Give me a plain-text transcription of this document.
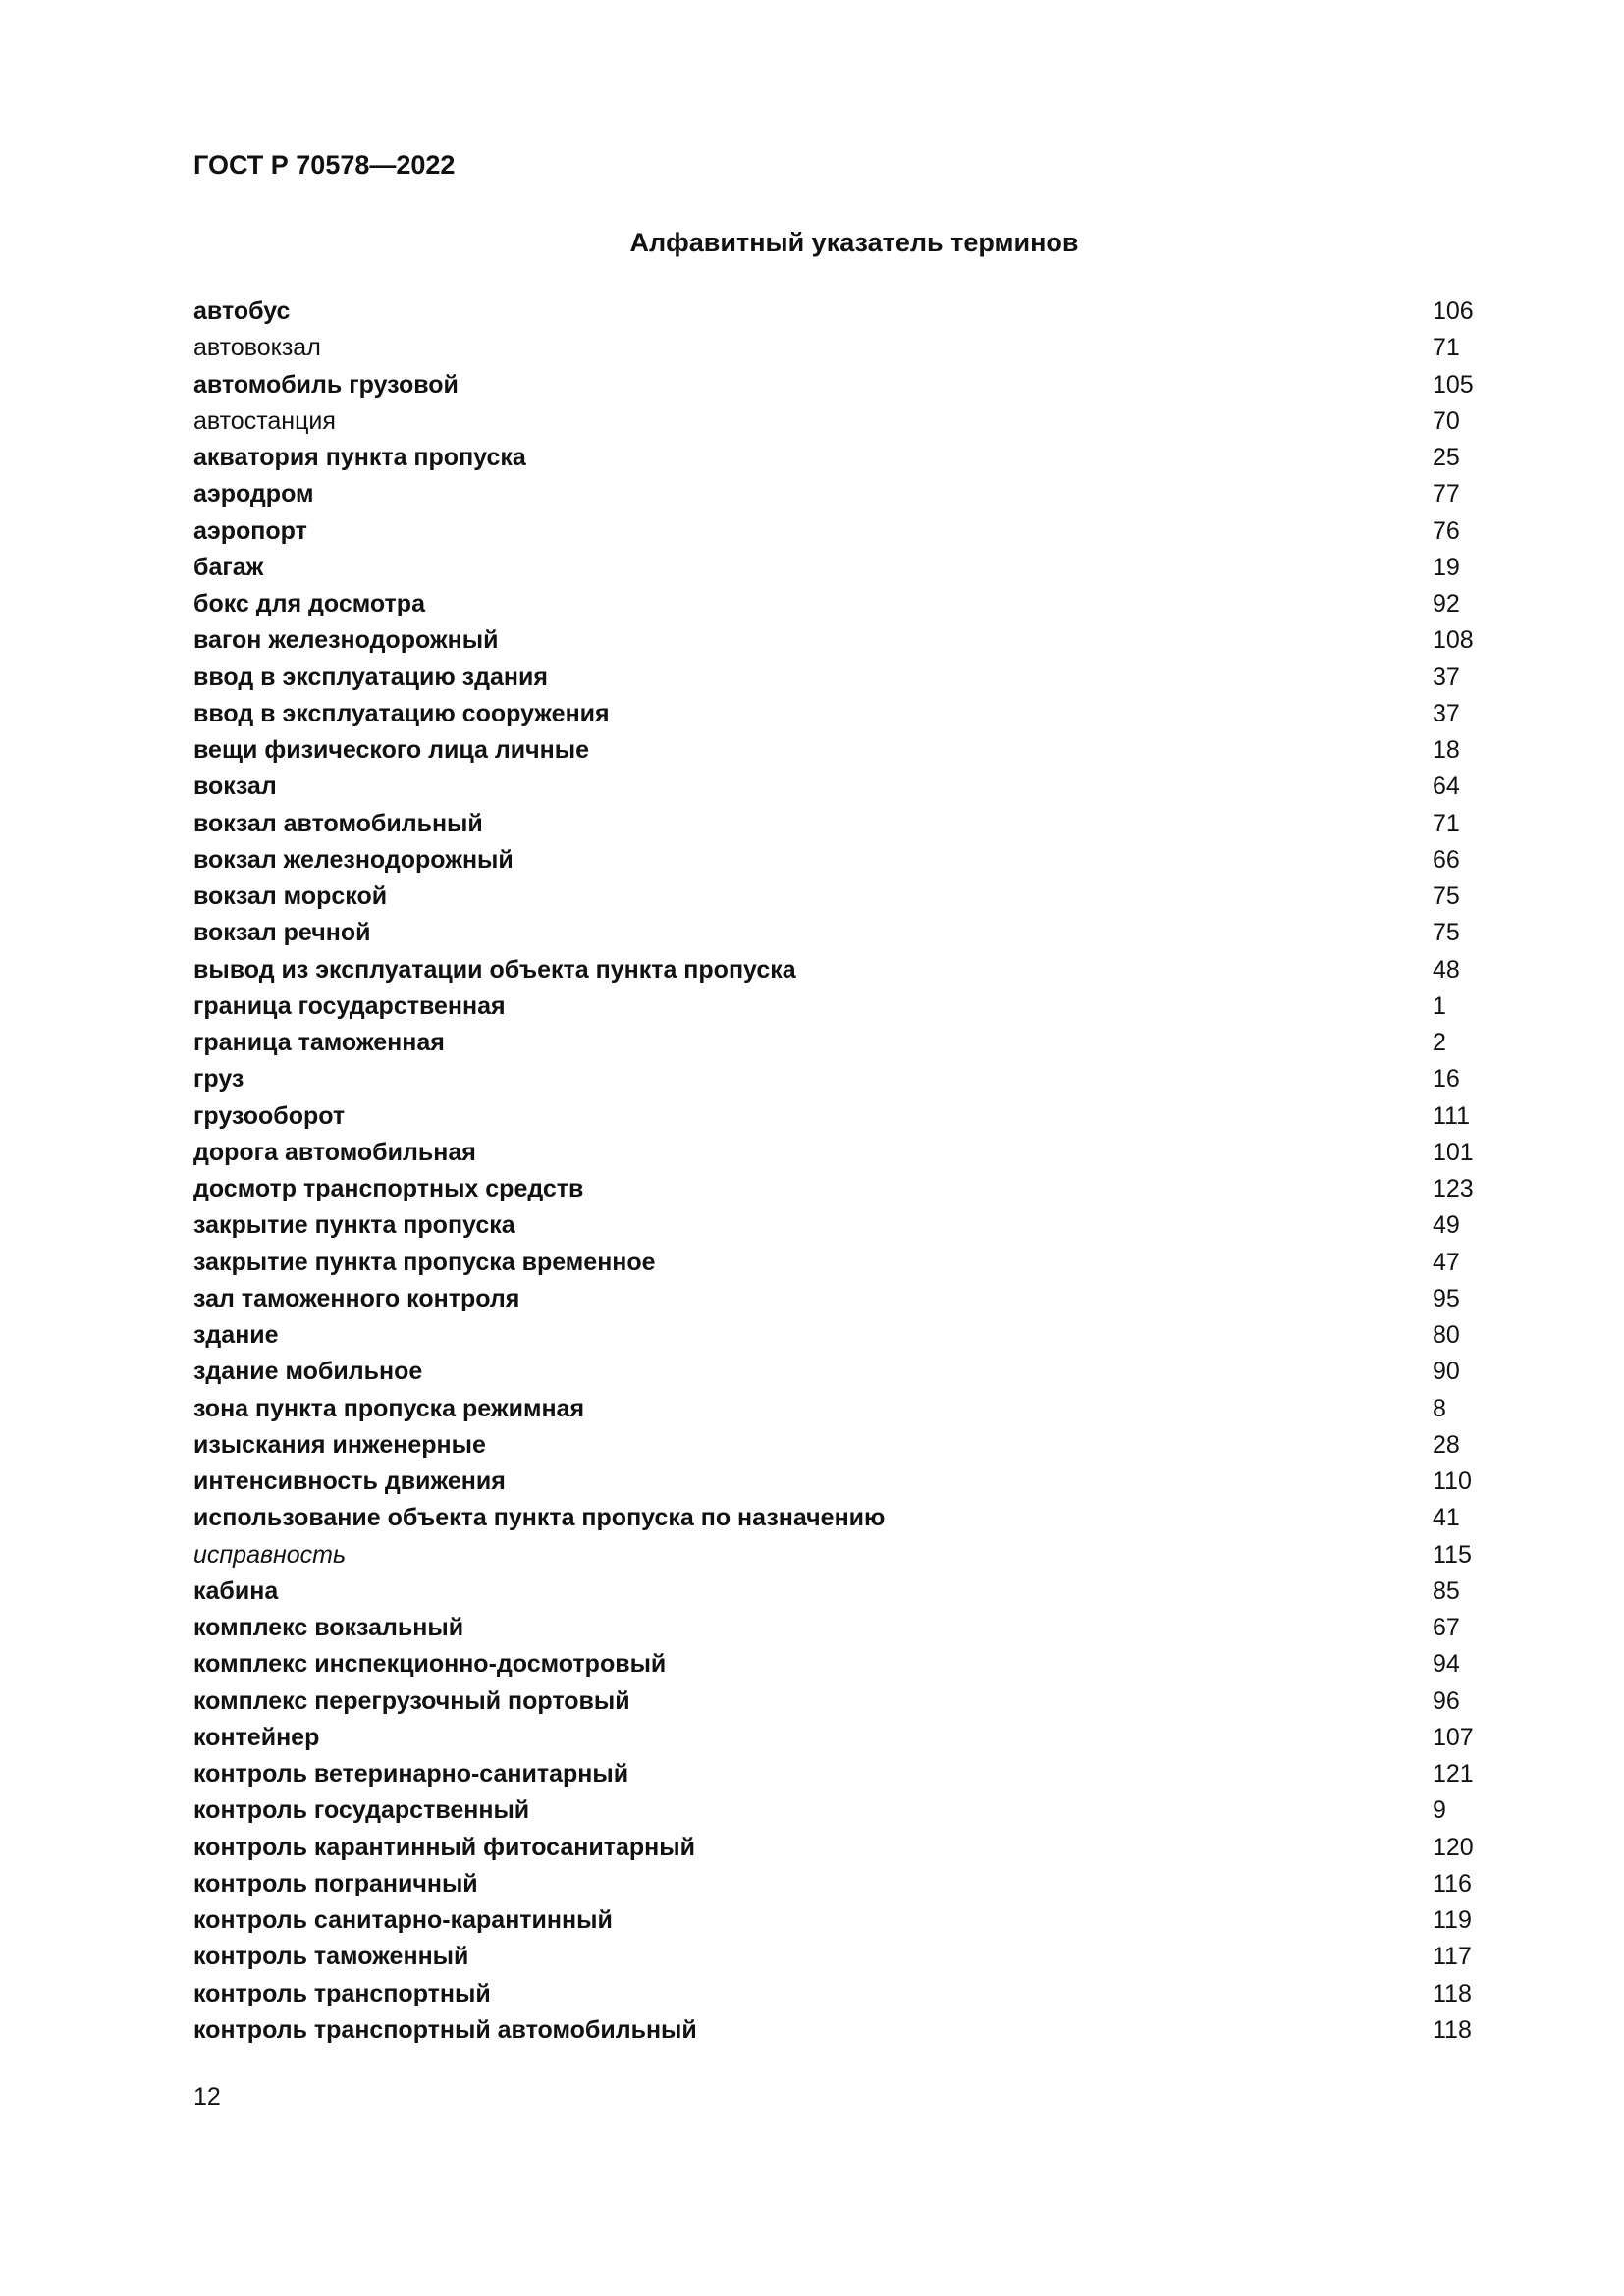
ГОСТ Р 70578—2022
Алфавитный указатель терминов
автобус	106
автовокзал	71
автомобиль грузовой	105
автостанция	70
акватория пункта пропуска	25
аэродром	77
аэропорт	76
багаж	19
бокс для досмотра	92
вагон железнодорожный	108
ввод в эксплуатацию здания	37
ввод в эксплуатацию сооружения	37
вещи физического лица личные	18
вокзал	64
вокзал автомобильный	71
вокзал железнодорожный	66
вокзал морской	75
вокзал речной	75
вывод из эксплуатации объекта пункта пропуска	48
граница государственная	1
граница таможенная	2
груз	16
грузооборот	111
дорога автомобильная	101
досмотр транспортных средств	123
закрытие пункта пропуска	49
закрытие пункта пропуска временное	47
зал таможенного контроля	95
здание	80
здание мобильное	90
зона пункта пропуска режимная	8
изыскания инженерные	28
интенсивность движения	110
использование объекта пункта пропуска по назначению	41
исправность	115
кабина	85
комплекс вокзальный	67
комплекс инспекционно-досмотровый	94
комплекс перегрузочный портовый	96
контейнер	107
контроль ветеринарно-санитарный	121
контроль государственный	9
контроль карантинный фитосанитарный	120
контроль пограничный	116
контроль санитарно-карантинный	119
контроль таможенный	117
контроль транспортный	118
контроль транспортный автомобильный	118
12
